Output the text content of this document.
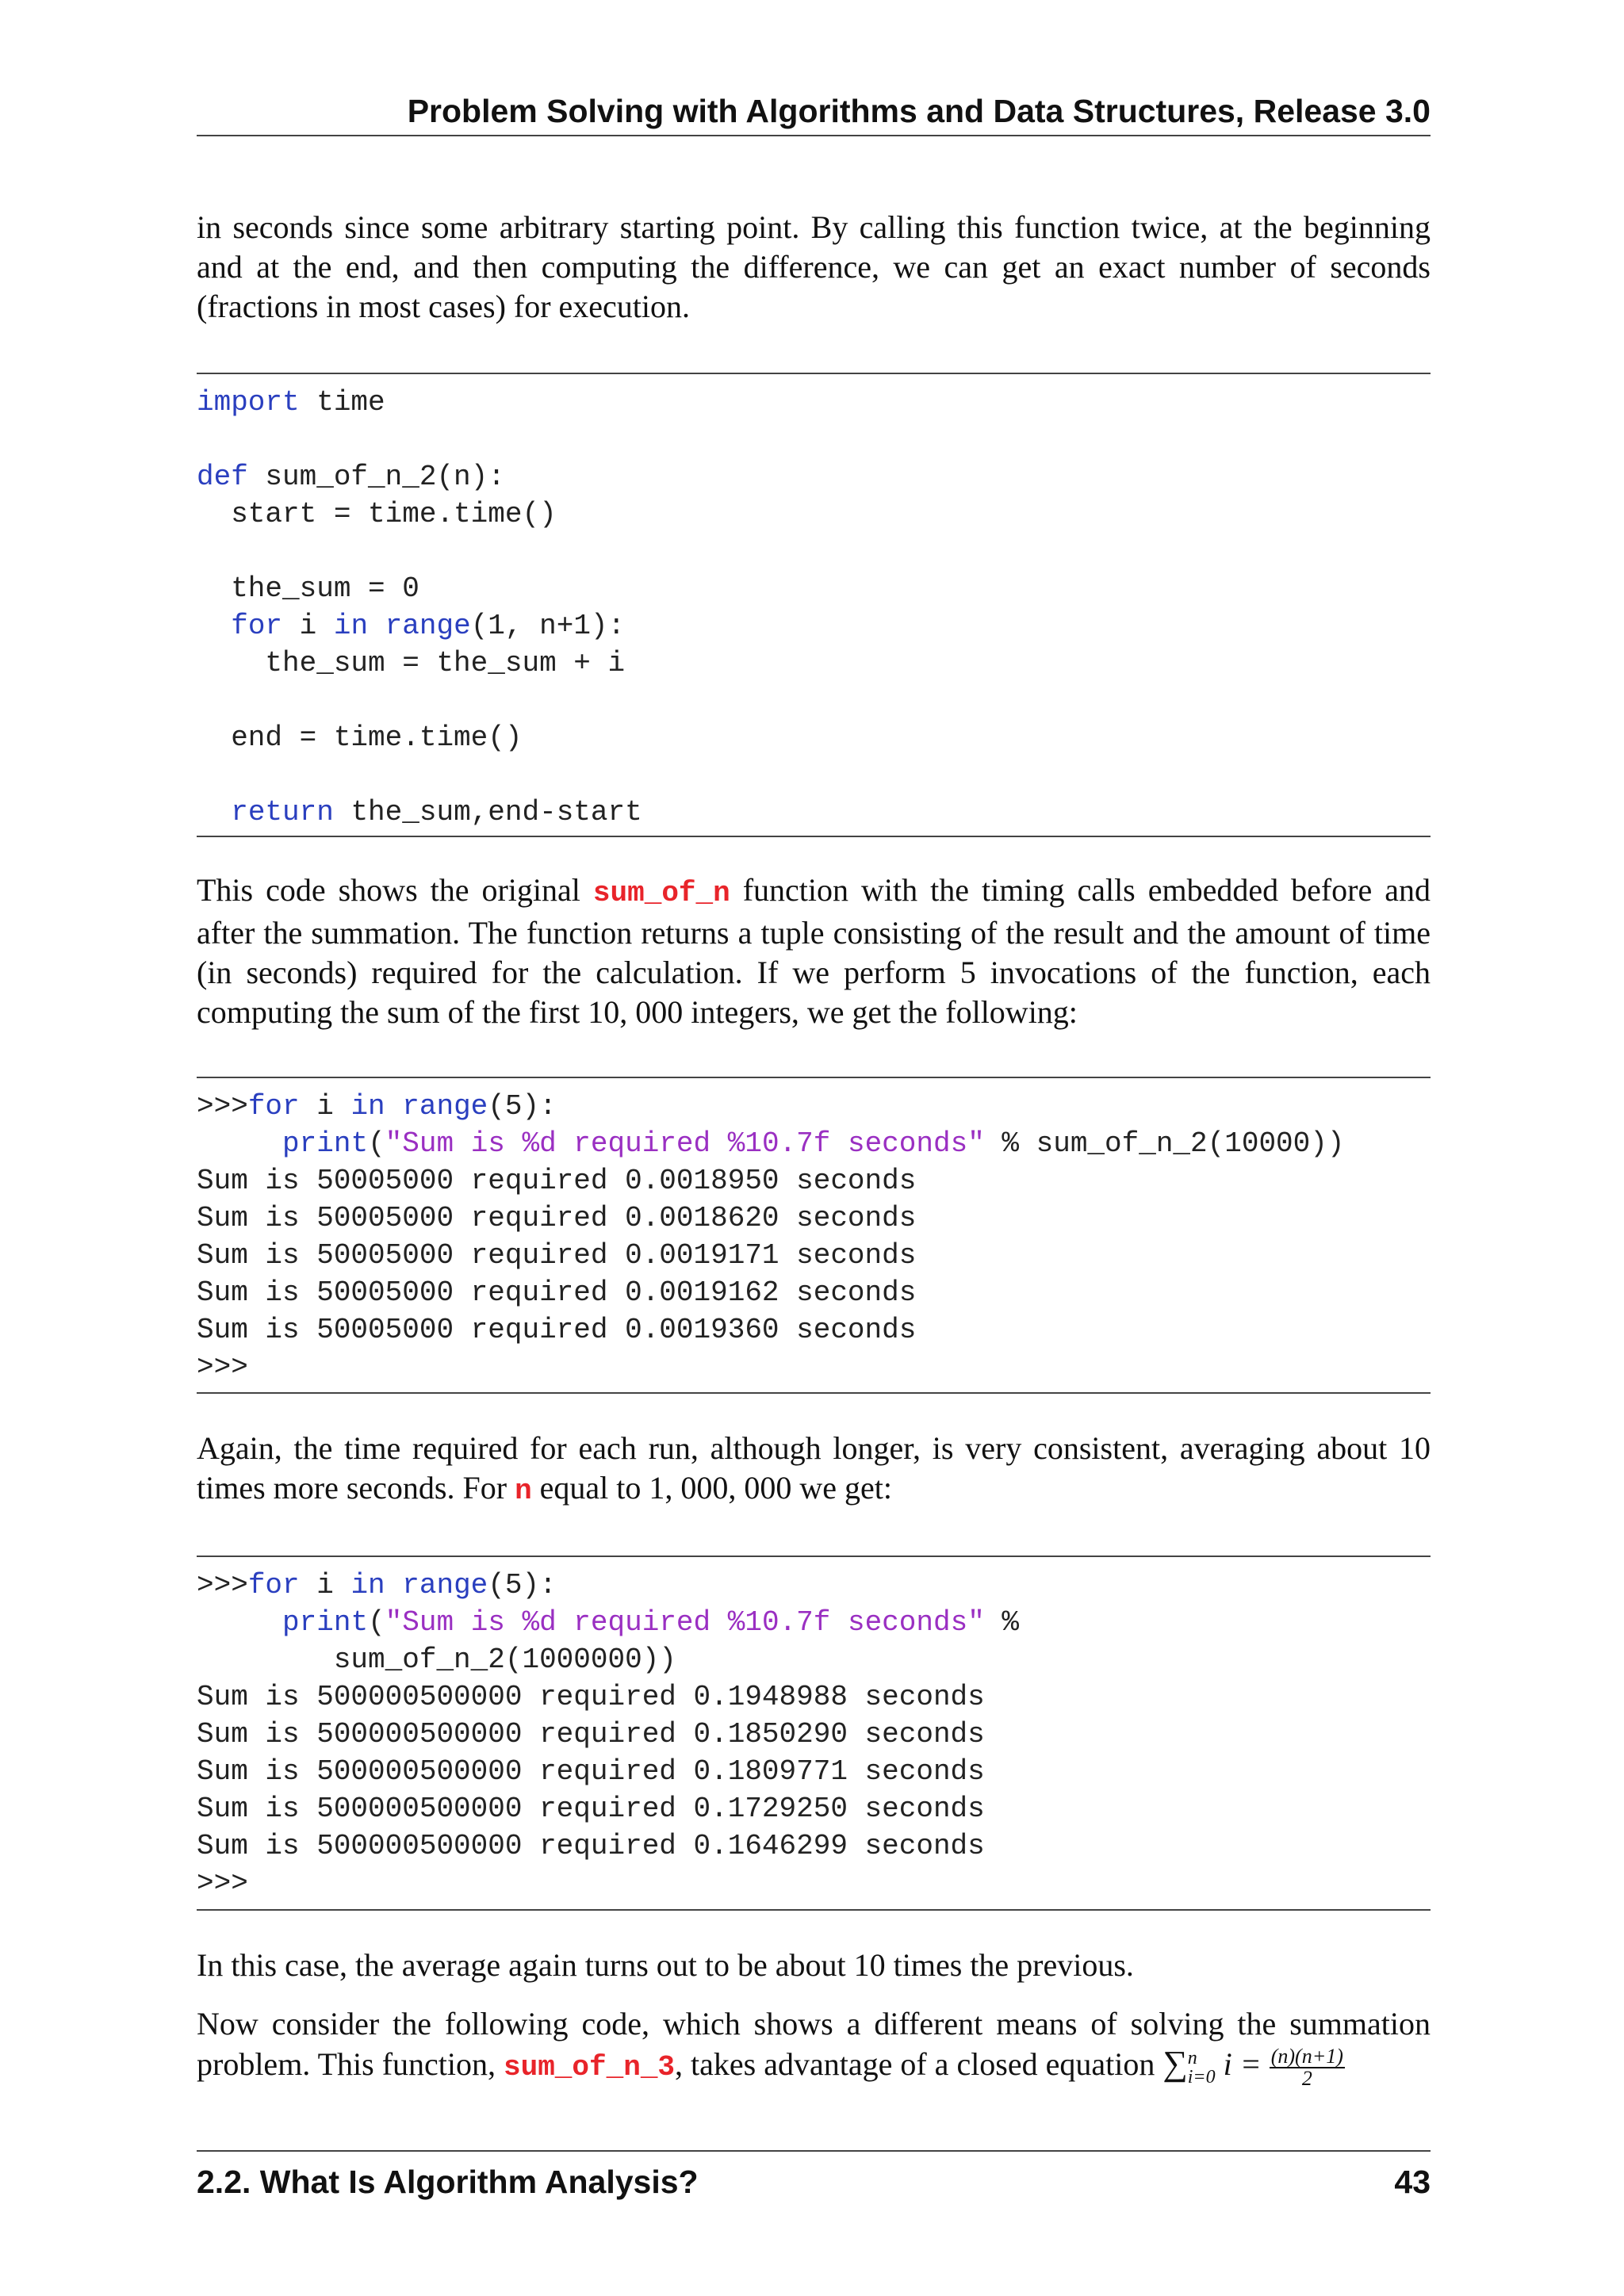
Problem Solving with Algorithms and Data Structures, Release 3.0

in seconds since some arbitrary starting point. By calling this function twice, at the beginning and at the end, and then computing the difference, we can get an exact number of seconds (fractions in most cases) for execution.

import time

def sum_of_n_2(n):
start = time.time()

the_sum = 0
for i in range(1, n+1):
the_sum = the_sum + i

end = time.time()

return the_sum,end-start

This code shows the original sum_of_n function with the timing calls embedded before and after the summation. The function returns a tuple consisting of the result and the amount of time (in seconds) required for the calculation. If we perform 5 invocations of the function, each computing the sum of the first 10, 000 integers, we get the following:

>>>for i in range(5):
print("Sum is %d required %10.7f seconds" % sum_of_n_2(10000))
Sum is 50005000 required 0.0018950 seconds
Sum is 50005000 required 0.0018620 seconds
Sum is 50005000 required 0.0019171 seconds
Sum is 50005000 required 0.0019162 seconds
Sum is 50005000 required 0.0019360 seconds
>>>

Again, the time required for each run, although longer, is very consistent, averaging about 10 times more seconds. For n equal to 1, 000, 000 we get:

>>>for i in range(5):
print("Sum is %d required %10.7f seconds" %
sum_of_n_2(1000000))
Sum is 500000500000 required 0.1948988 seconds
Sum is 500000500000 required 0.1850290 seconds
Sum is 500000500000 required 0.1809771 seconds
Sum is 500000500000 required 0.1729250 seconds
Sum is 500000500000 required 0.1646299 seconds
>>>

In this case, the average again turns out to be about 10 times the previous.

Now consider the following code, which shows a different means of solving the summation problem. This function, sum_of_n_3, takes advantage of a closed equation ∑ n
i=0 $i = \frac{(n)(n+1)}{2}$

2.2. What Is Algorithm Analysis?	43
